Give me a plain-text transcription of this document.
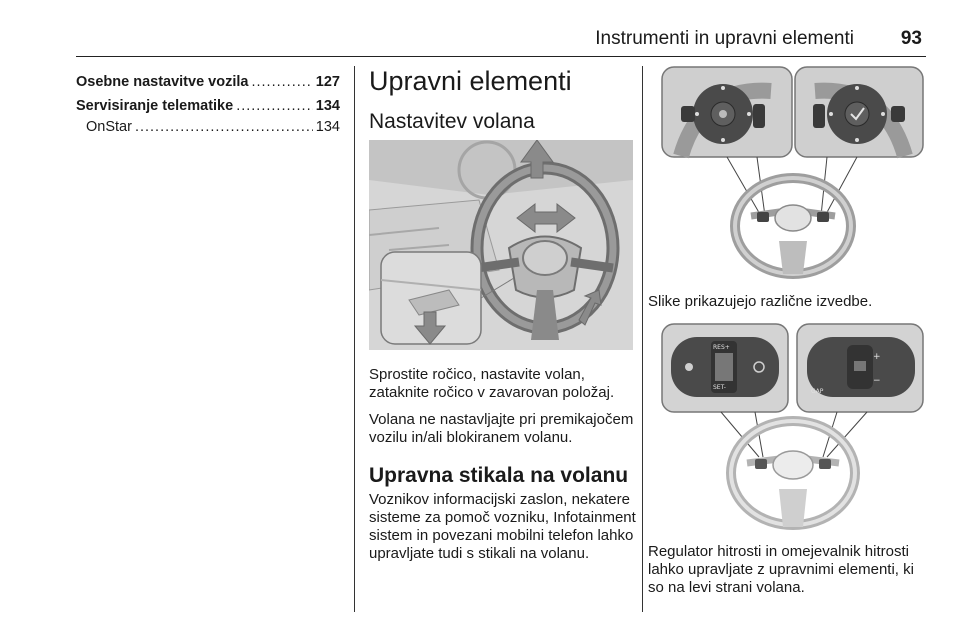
Instrumenti in upravni elementi 93
Osebne nastavitve vozila .....	127
Servisiranje telematike .....	134
OnStar .....	134
Upravni elementi
Nastavitev volana

Sprostite ročico, nastavite volan, zataknite ročico v zavarovan položaj.

Volana ne nastavljajte pri premikajočem vozilu in/ali blokiranem volanu.

Upravna stikala na volanu

Voznikov informacijski zaslon, nekatere sisteme za pomoč vozniku, Infotainment sistem in povezani mobilni telefon lahko upravljate tudi s stikali na volanu.

Slike prikazujejo različne izvedbe.

RES+
SET-
+
−
GAP

Regulator hitrosti in omejevalnik hitrosti lahko upravljate z upravnimi elementi, ki so na levi strani volana.
